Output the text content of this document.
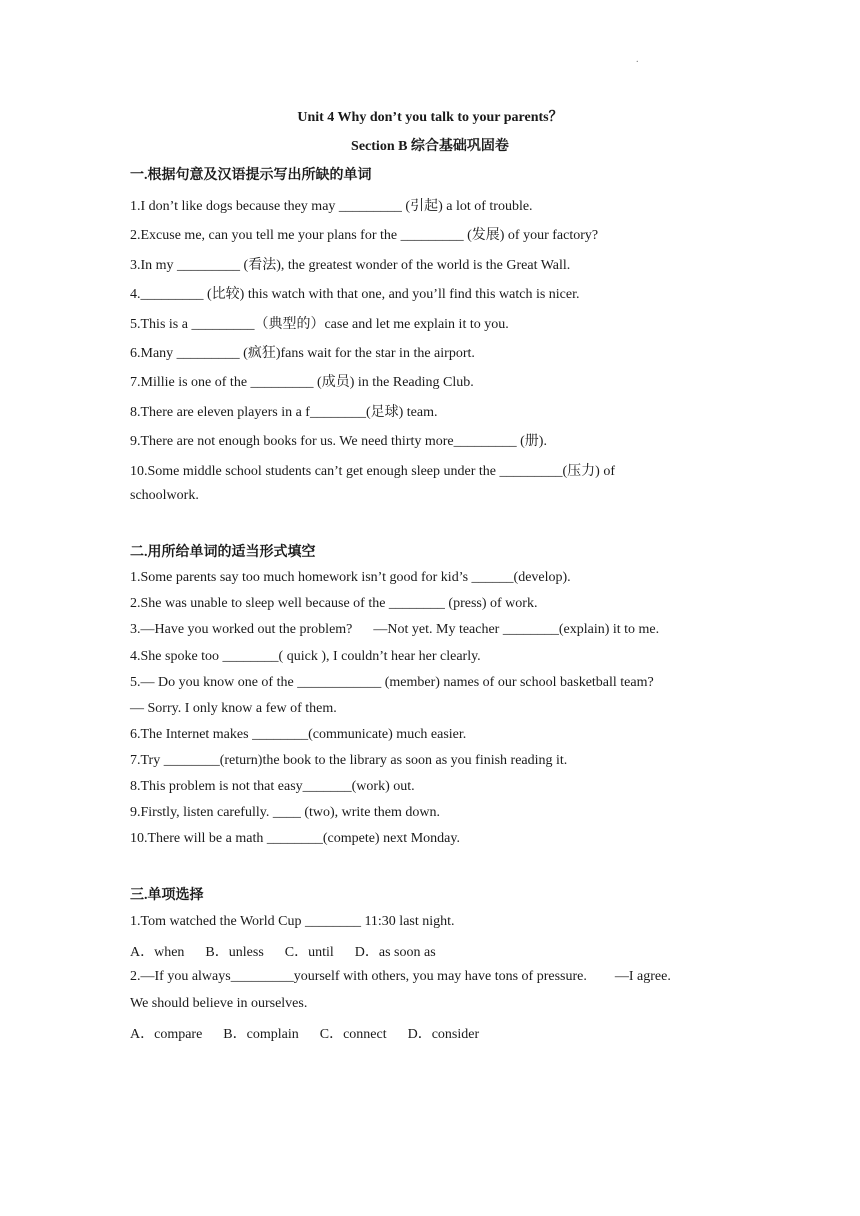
.
Unit 4 Why don’t you talk to your parents？
Section B 综合基础巩固卷
一.根据句意及汉语提示写出所缺的单词
1.I don’t like dogs because they may _________ (引起) a lot of trouble.
2.Excuse me, can you tell me your plans for the _________ (发展) of your factory?
3.In my _________ (看法), the greatest wonder of the world is the Great Wall.
4._________ (比较) this watch with that one, and you’ll find this watch is nicer.
5.This is a _________（典型的）case and let me explain it to you.
6.Many _________ (疯狂)fans wait for the star in the airport.
7.Millie is one of the _________ (成员) in the Reading Club.
8.There are eleven players in a f________(足球) team.
9.There are not enough books for us. We need thirty more_________ (册).
10.Some middle school students can’t get enough sleep under the _________(压力) of
schoolwork.
二.用所给单词的适当形式填空
1.Some parents say too much homework isn’t good for kid’s ______(develop).
2.She was unable to sleep well because of the ________ (press) of work.
3.—Have you worked out the problem?      —Not yet. My teacher ________(explain) it to me.
4.She spoke too ________( quick ), I couldn’t hear her clearly.
5.— Do you know one of the ____________ (member) names of our school basketball team?
— Sorry. I only know a few of them.
6.The Internet makes ________(communicate) much easier.
7.Try ________(return)the book to the library as soon as you finish reading it.
8.This problem is not that easy_______(work) out.
9.Firstly, listen carefully. ____ (two), write them down.
10.There will be a math ________(compete) next Monday.
三.单项选择
1.Tom watched the World Cup ________ 11:30 last night.
A．when      B．unless      C．until      D．as soon as
2.—If you always_________yourself with others, you may have tons of pressure.        —I agree.
We should believe in ourselves.
A．compare      B．complain      C．connect      D．consider
